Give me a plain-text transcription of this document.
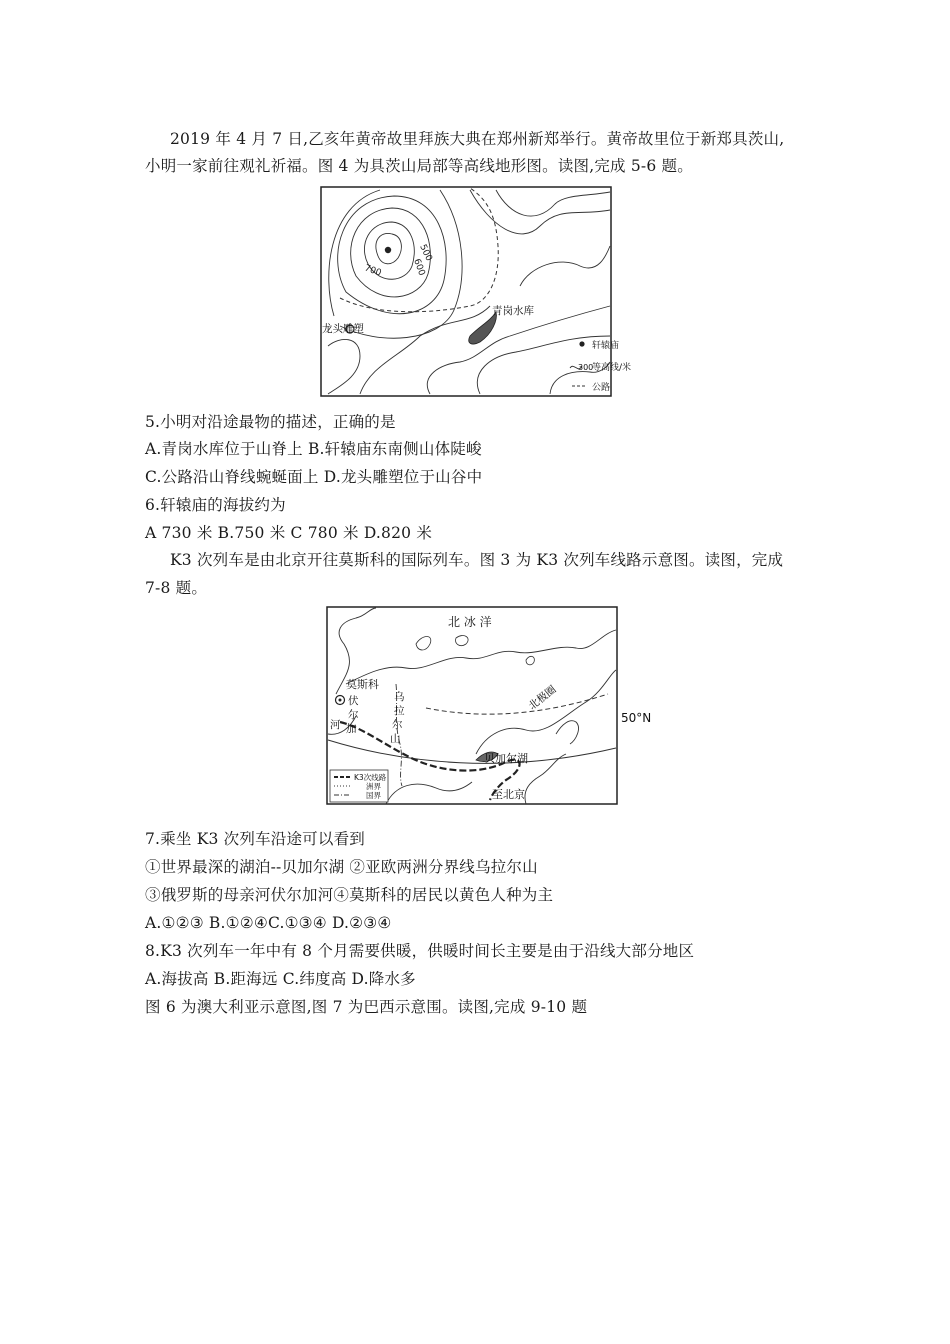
2019 年 4 月 7 日,乙亥年黄帝故里拜族大典在郑州新郑举行。黄帝故里位于新郑具茨山,
小明一家前往观礼祈福。图 4 为具茨山局部等高线地形图。读图,完成 5-6 题。
青岗水库
龙头雕塑
700	600
500
轩辕庙
300
等高线/米
公路
5.小明对沿途最物的描述，正确的是
A.青岗水库位于山脊上 B.轩辕庙东南侧山体陡峻
C.公路沿山脊线蜿蜒面上 D.龙头雕塑位于山谷中
6.轩辕庙的海拔约为
A 730 米 B.750 米 C 780 米 D.820 米
K3 次列车是由北京开往莫斯科的国际列车。图 3 为 K3 次列车线路示意图。读图，完成
7-8 题。
北 冰 洋
莫斯科
伏
尔
加
河
乌
拉
尔
山
北极圈
50°N
贝加尔湖
至北京
K3次线路
洲界
国界
7.乘坐 K3 次列车沿途可以看到
①世界最深的湖泊--贝加尔湖 ②亚欧两洲分界线乌拉尔山
③俄罗斯的母亲河伏尔加河④莫斯科的居民以黄色人种为主
A.①②③ B.①②④C.①③④ D.②③④
8.K3 次列车一年中有 8 个月需要供暖，供暖时间长主要是由于沿线大部分地区
A.海拔高 B.距海远 C.纬度高 D.降水多
图 6 为澳大利亚示意图,图 7 为巴西示意围。读图,完成 9-10 题
